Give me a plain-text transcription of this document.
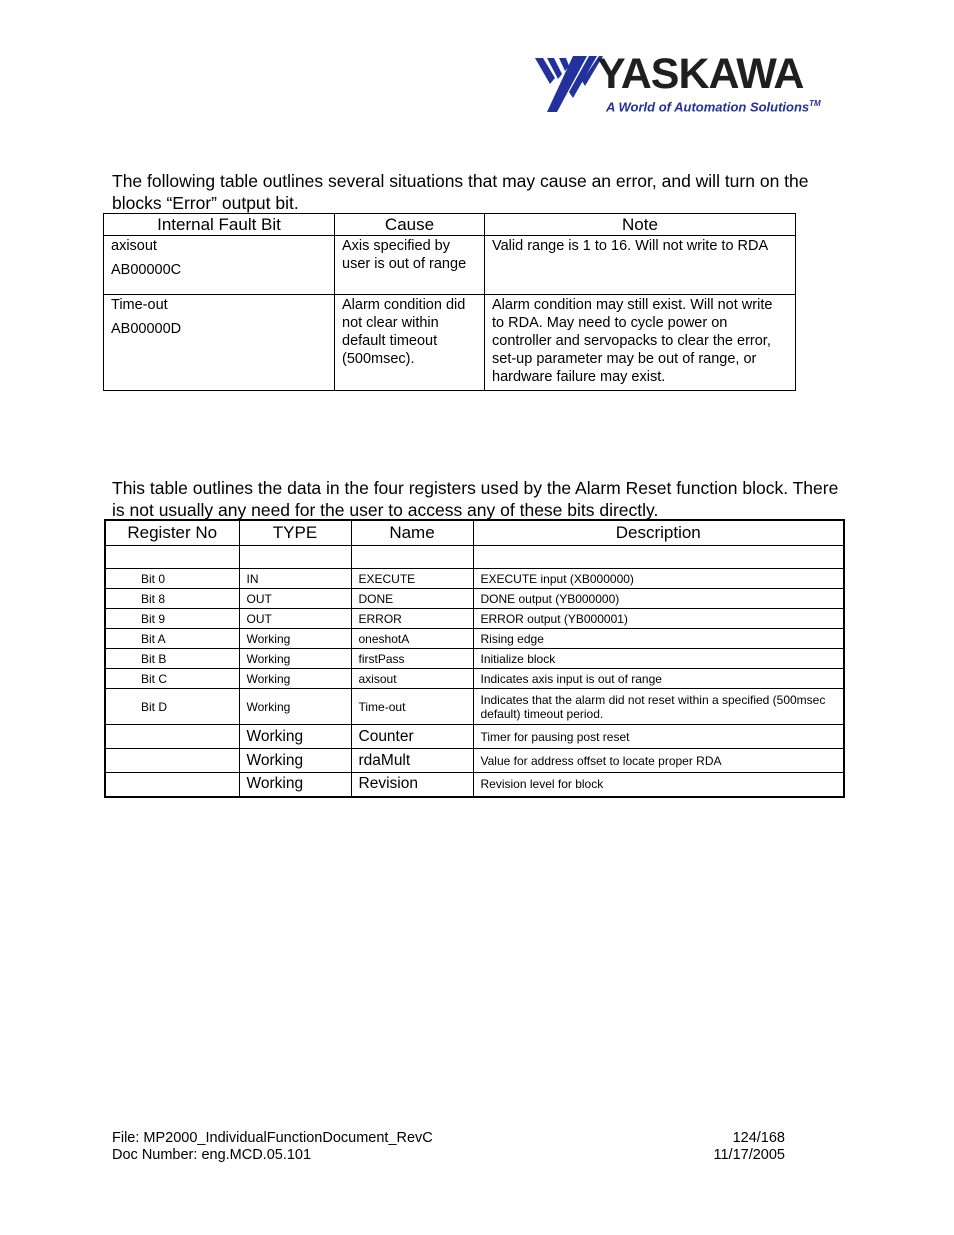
YASKAWA
A World of Automation Solutions™
The following table outlines several situations that may cause an error, and will turn on the blocks “Error” output bit.
Internal Fault Bit	Cause	Note

axisout
AB00000C	Axis specified by user is out of range	Valid range is 1 to 16. Will not write to RDA

Time-out
AB00000D	Alarm condition did not clear within default timeout (500msec).	Alarm condition may still exist. Will not write to RDA. May need to cycle power on controller and servopacks to clear the error, set-up parameter may be out of range, or hardware failure may exist.
This table outlines the data in the four registers used by the Alarm Reset function block. There is not usually any need for the user to access any of these bits directly.
Register No	TYPE	Name	Description

Bit 0	IN	EXECUTE	EXECUTE input (XB000000)
Bit 8	OUT	DONE	DONE output (YB000000)
Bit 9	OUT	ERROR	ERROR output (YB000001)
Bit A	Working	oneshotA	Rising edge
Bit B	Working	firstPass	Initialize block
Bit C	Working	axisout	Indicates axis input is out of range
Bit D	Working	Time-out	Indicates that the alarm did not reset within a specified (500msec default) timeout period.
	Working	Counter	Timer for pausing post reset
	Working	rdaMult	Value for address offset to locate proper RDA
	Working	Revision	Revision level for block
File: MP2000_IndividualFunctionDocument_RevC
Doc Number: eng.MCD.05.101
124/168
11/17/2005
